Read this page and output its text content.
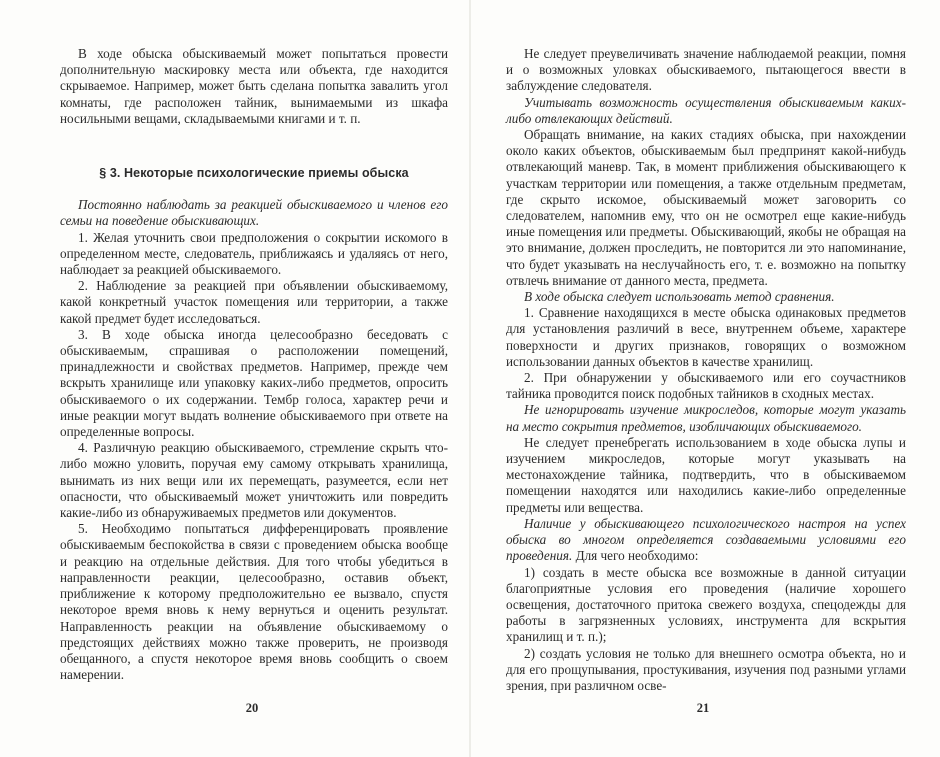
В ходе обыска обыскиваемый может попытаться провести дополнительную маскировку места или объекта, где находится скрываемое. Например, может быть сделана попытка завалить угол комнаты, где расположен тайник, вынимаемыми из шкафа носильными вещами, складываемыми книгами и т. п.

§ 3. Некоторые психологические приемы обыска

Постоянно наблюдать за реакцией обыскиваемого и членов его семьи на поведение обыскивающих.

1. Желая уточнить свои предположения о сокрытии искомого в определенном месте, следователь, приближаясь и удаляясь от него, наблюдает за реакцией обыскиваемого.

2. Наблюдение за реакцией при объявлении обыскиваемому, какой конкретный участок помещения или территории, а также какой предмет будет исследоваться.

3. В ходе обыска иногда целесообразно беседовать с обыскиваемым, спрашивая о расположении помещений, принадлежности и свойствах предметов. Например, прежде чем вскрыть хранилище или упаковку каких-либо предметов, опросить обыскиваемого о их содержании. Тембр голоса, характер речи и иные реакции могут выдать волнение обыскиваемого при ответе на определенные вопросы.

4. Различную реакцию обыскиваемого, стремление скрыть что-либо можно уловить, поручая ему самому открывать хранилища, вынимать из них вещи или их перемещать, разумеется, если нет опасности, что обыскиваемый может уничтожить или повредить какие-либо из обнаруживаемых предметов или документов.

5. Необходимо попытаться дифференцировать проявление обыскиваемым беспокойства в связи с проведением обыска вообще и реакцию на отдельные действия. Для того чтобы убедиться в направленности реакции, целесообразно, оставив объект, приближение к которому предположительно ее вызвало, спустя некоторое время вновь к нему вернуться и оценить результат. Направленность реакции на объявление обыскиваемому о предстоящих действиях можно также проверить, не производя обещанного, а спустя некоторое время вновь сообщить о своем намерении.

20

Не следует преувеличивать значение наблюдаемой реакции, помня и о возможных уловках обыскиваемого, пытающегося ввести в заблуждение следователя.

Учитывать возможность осуществления обыскиваемым каких-либо отвлекающих действий.

Обращать внимание, на каких стадиях обыска, при нахождении около каких объектов, обыскиваемым был предпринят какой-нибудь отвлекающий маневр. Так, в момент приближения обыскивающего к участкам территории или помещения, а также отдельным предметам, где скрыто искомое, обыскиваемый может заговорить со следователем, напомнив ему, что он не осмотрел еще какие-нибудь иные помещения или предметы. Обыскивающий, якобы не обращая на это внимание, должен проследить, не повторится ли это напоминание, что будет указывать на неслучайность его, т. е. возможно на попытку отвлечь внимание от данного места, предмета.

В ходе обыска следует использовать метод сравнения.

1. Сравнение находящихся в месте обыска одинаковых предметов для установления различий в весе, внутреннем объеме, характере поверхности и других признаков, говорящих о возможном использовании данных объектов в качестве хранилищ.

2. При обнаружении у обыскиваемого или его соучастников тайника проводится поиск подобных тайников в сходных местах.

Не игнорировать изучение микроследов, которые могут указать на место сокрытия предметов, изобличающих обыскиваемого.

Не следует пренебрегать использованием в ходе обыска лупы и изучением микроследов, которые могут указывать на местонахождение тайника, подтвердить, что в обыскиваемом помещении находятся или находились какие-либо определенные предметы или вещества.

Наличие у обыскивающего психологического настроя на успех обыска во многом определяется создаваемыми условиями его проведения. Для чего необходимо:

1) создать в месте обыска все возможные в данной ситуации благоприятные условия его проведения (наличие хорошего освещения, достаточного притока свежего воздуха, спецодежды для работы в загрязненных условиях, инструмента для вскрытия хранилищ и т. п.);

2) создать условия не только для внешнего осмотра объекта, но и для его прощупывания, простукивания, изучения под разными углами зрения, при различном осве-

21
